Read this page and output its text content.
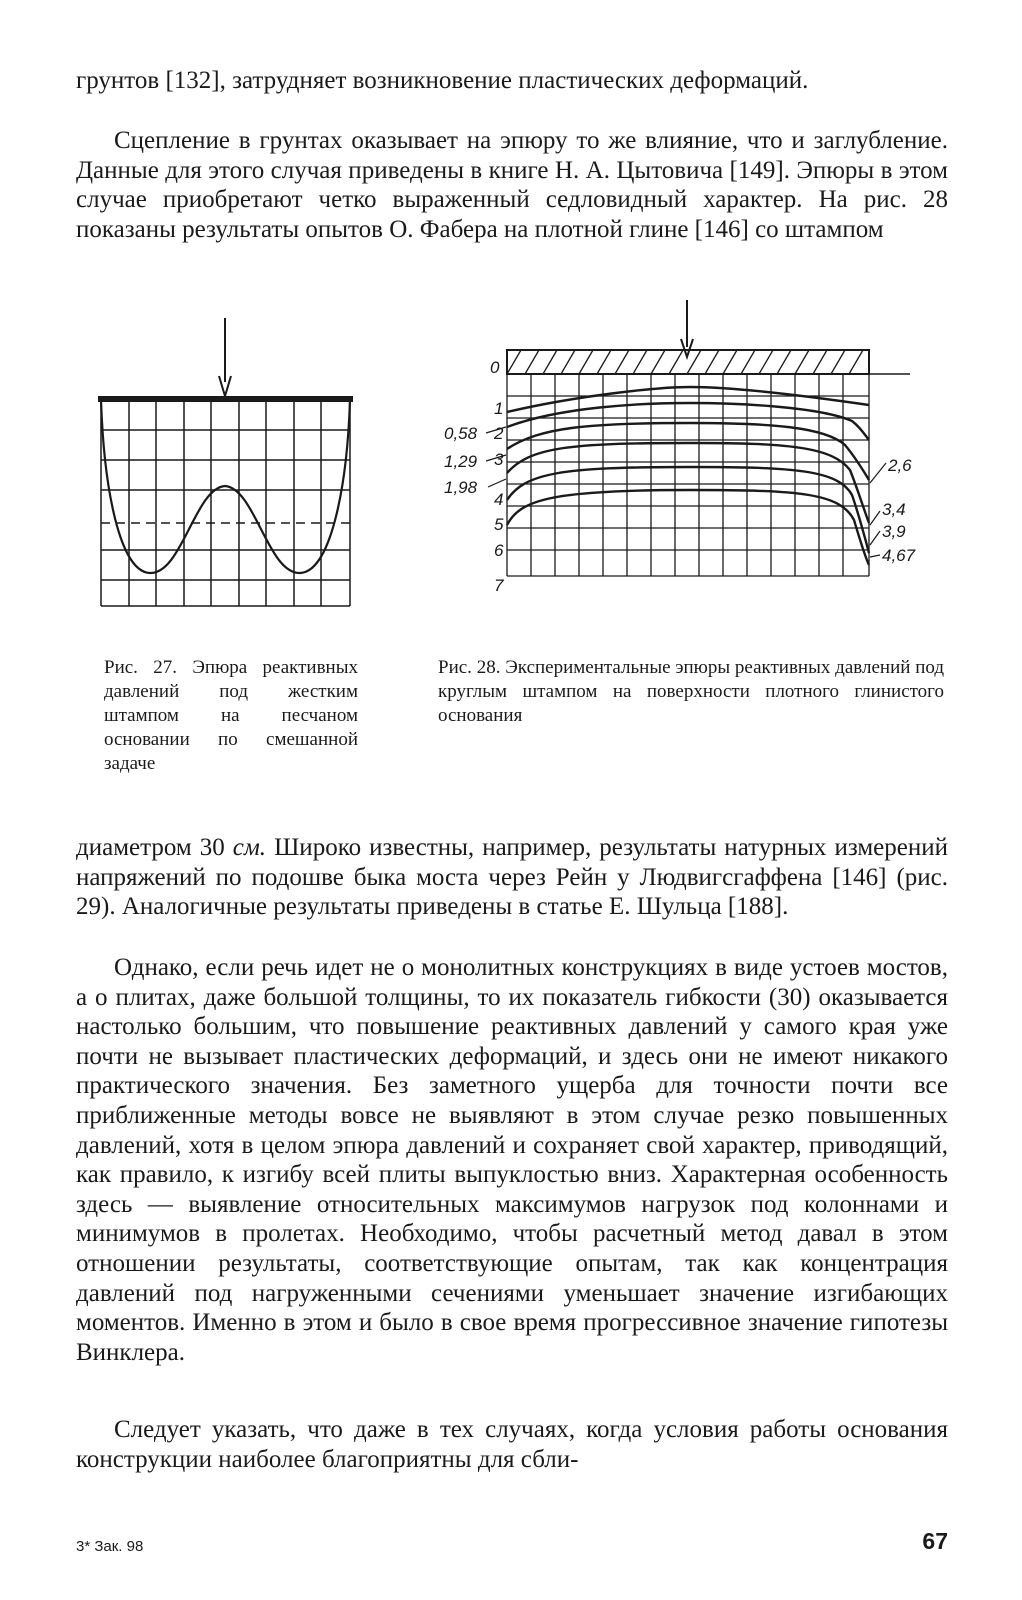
грунтов [132], затрудняет возникновение пластических деформаций.

Сцепление в грунтах оказывает на эпюру то же влияние, что и заглубление. Данные для этого случая приведены в книге Н. А. Цытовича [149]. Эпюры в этом случае приобретают четко выраженный седловидный характер. На рис. 28 показаны результаты опытов О. Фабера на плотной глине [146] со штампом

0
1
2
3
4
5
6
7
0,58
1,29
1,98
2,6
3,4
3,9
4,67

Рис. 27. Эпюра реактивных давлений под жестким штампом на песчаном основании по смешанной задаче

Рис. 28. Экспериментальные эпюры реактивных давлений под круглым штампом на поверхности плотного глинистого основания

диаметром 30 см. Широко известны, например, результаты натурных измерений напряжений по подошве быка моста через Рейн у Людвигсгаффена [146] (рис. 29). Аналогичные результаты приведены в статье Е. Шульца [188].

Однако, если речь идет не о монолитных конструкциях в виде устоев мостов, а о плитах, даже большой толщины, то их показатель гибкости (30) оказывается настолько большим, что повышение реактивных давлений у самого края уже почти не вызывает пластических деформаций, и здесь они не имеют никакого практического значения. Без заметного ущерба для точности почти все приближенные методы вовсе не выявляют в этом случае резко повышенных давлений, хотя в целом эпюра давлений и сохраняет свой характер, приводящий, как правило, к изгибу всей плиты выпуклостью вниз. Характерная особенность здесь — выявление относительных максимумов нагрузок под колоннами и минимумов в пролетах. Необходимо, чтобы расчетный метод давал в этом отношении результаты, соответствующие опытам, так как концентрация давлений под нагруженными сечениями уменьшает значение изгибающих моментов. Именно в этом и было в свое время прогрессивное значение гипотезы Винклера.

Следует указать, что даже в тех случаях, когда условия работы основания конструкции наиболее благоприятны для сбли-

3* Зак. 98	67
